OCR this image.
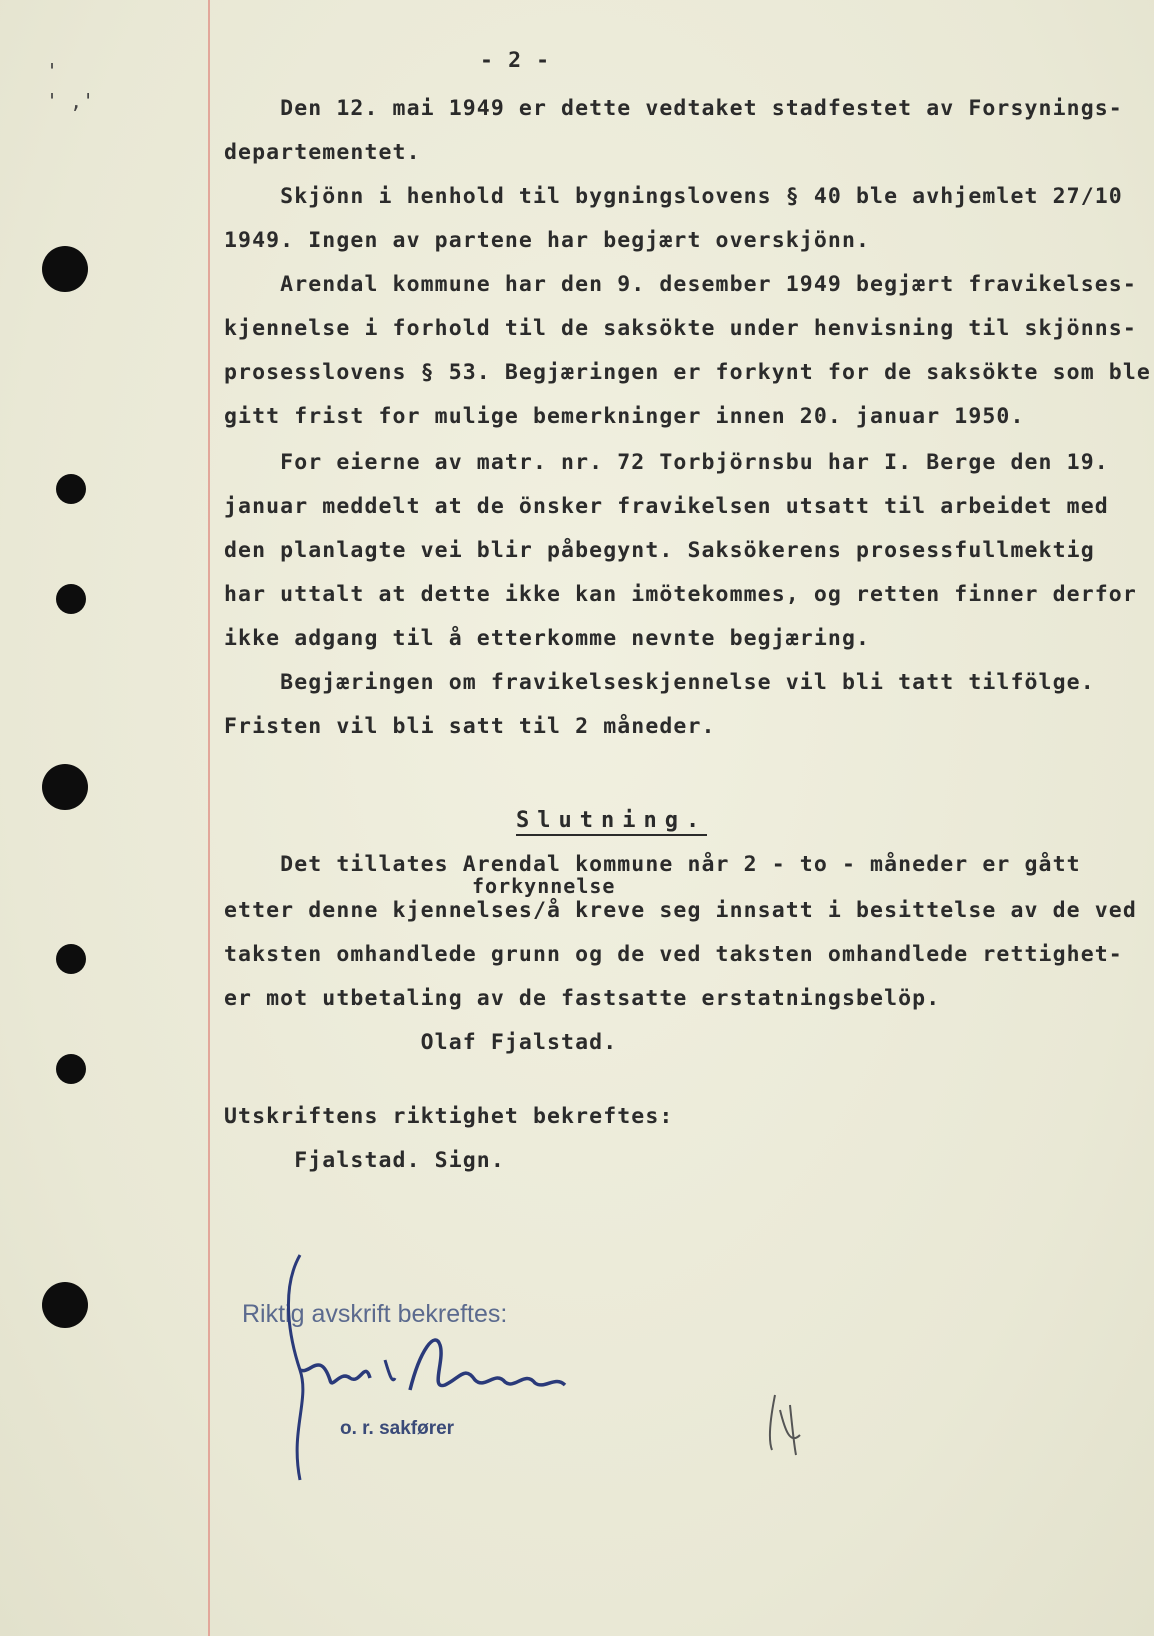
'
' ,'
- 2 -
Den 12. mai 1949 er dette vedtaket stadfestet av Forsynings-
departementet.
Skjönn i henhold til bygningslovens § 40 ble avhjemlet 27/10
1949. Ingen av partene har begjært overskjönn.
Arendal kommune har den 9. desember 1949 begjært fravikelses-
kjennelse i forhold til de saksökte under henvisning til skjönns-
prosesslovens § 53. Begjæringen er forkynt for de saksökte som ble
gitt frist for mulige bemerkninger innen 20. januar 1950.
For eierne av matr. nr. 72 Torbjörnsbu har I. Berge den 19.
januar meddelt at de önsker fravikelsen utsatt til arbeidet med
den planlagte vei blir påbegynt. Saksökerens prosessfullmektig
har uttalt at dette ikke kan imötekommes, og retten finner derfor
ikke adgang til å etterkomme nevnte begjæring.
Begjæringen om fravikelseskjennelse vil bli tatt tilfölge.
Fristen vil bli satt til 2 måneder.
Slutning.
Det tillates Arendal kommune når 2 - to - måneder er gått
forkynnelse
etter denne kjennelses/å kreve seg innsatt i besittelse av de ved
taksten omhandlede grunn og de ved taksten omhandlede rettighet-
er mot utbetaling av de fastsatte erstatningsbelöp.
Olaf Fjalstad.
Utskriftens riktighet bekreftes:
Fjalstad. Sign.
Riktig avskrift bekreftes:
o. r. sakfører
